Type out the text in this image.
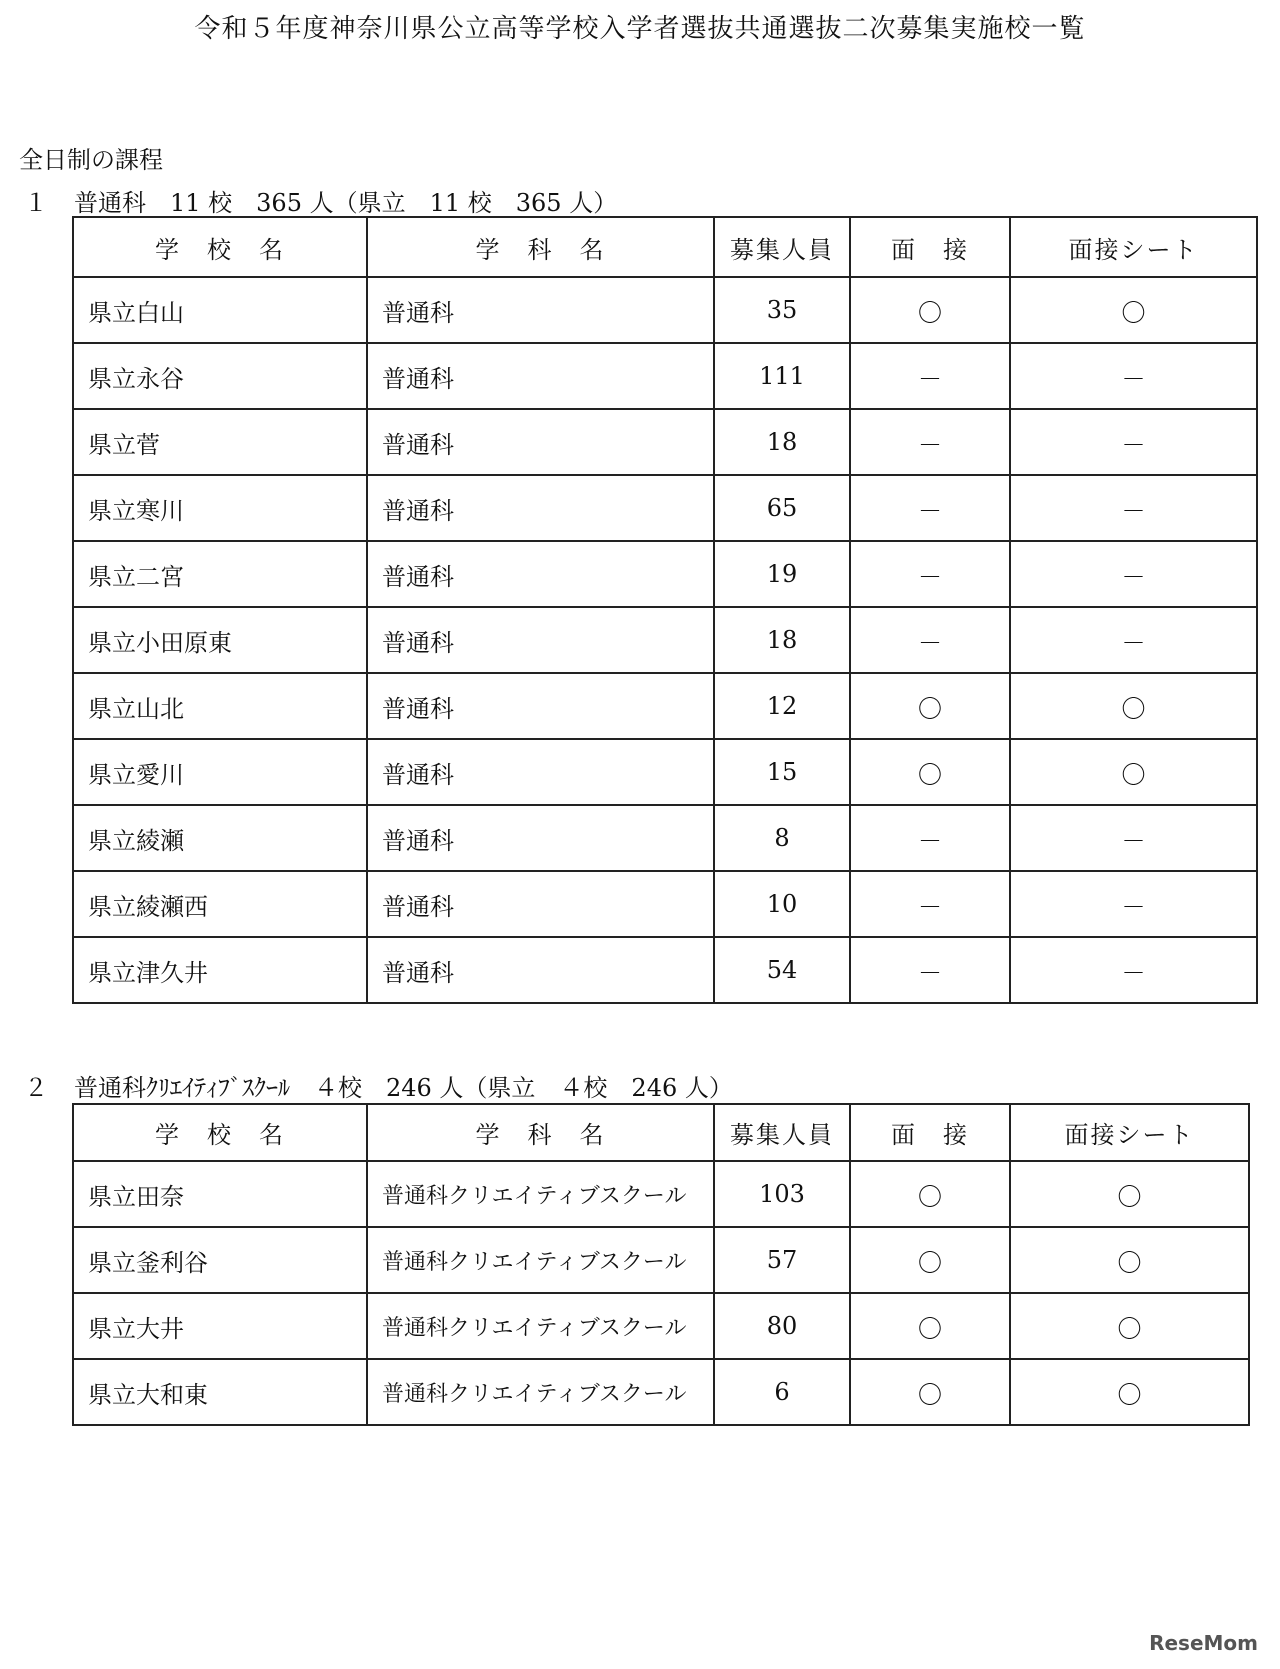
令和５年度神奈川県公立高等学校入学者選抜共通選抜二次募集実施校一覧
全日制の課程
１ 普通科　11 校　365 人（県立　11 校　365 人）
学　校　名	学　科　名	募集人員	面　接	面接シート
県立白山	普通科	35	〇	〇
県立永谷	普通科	111	－	－
県立菅	普通科	18	－	－
県立寒川	普通科	65	－	－
県立二宮	普通科	19	－	－
県立小田原東	普通科	18	－	－
県立山北	普通科	12	〇	〇
県立愛川	普通科	15	〇	〇
県立綾瀬	普通科	8	－	－
県立綾瀬西	普通科	10	－	－
県立津久井	普通科	54	－	－
２ 普通科ｸﾘｴｲﾃｨﾌﾞｽｸｰﾙ　４校　246 人（県立　４校　246 人）
学　校　名	学　科　名	募集人員	面　接	面接シート
県立田奈	普通科クリエイティブスクール	103	〇	〇
県立釜利谷	普通科クリエイティブスクール	57	〇	〇
県立大井	普通科クリエイティブスクール	80	〇	〇
県立大和東	普通科クリエイティブスクール	6	〇	〇
ReseMom
